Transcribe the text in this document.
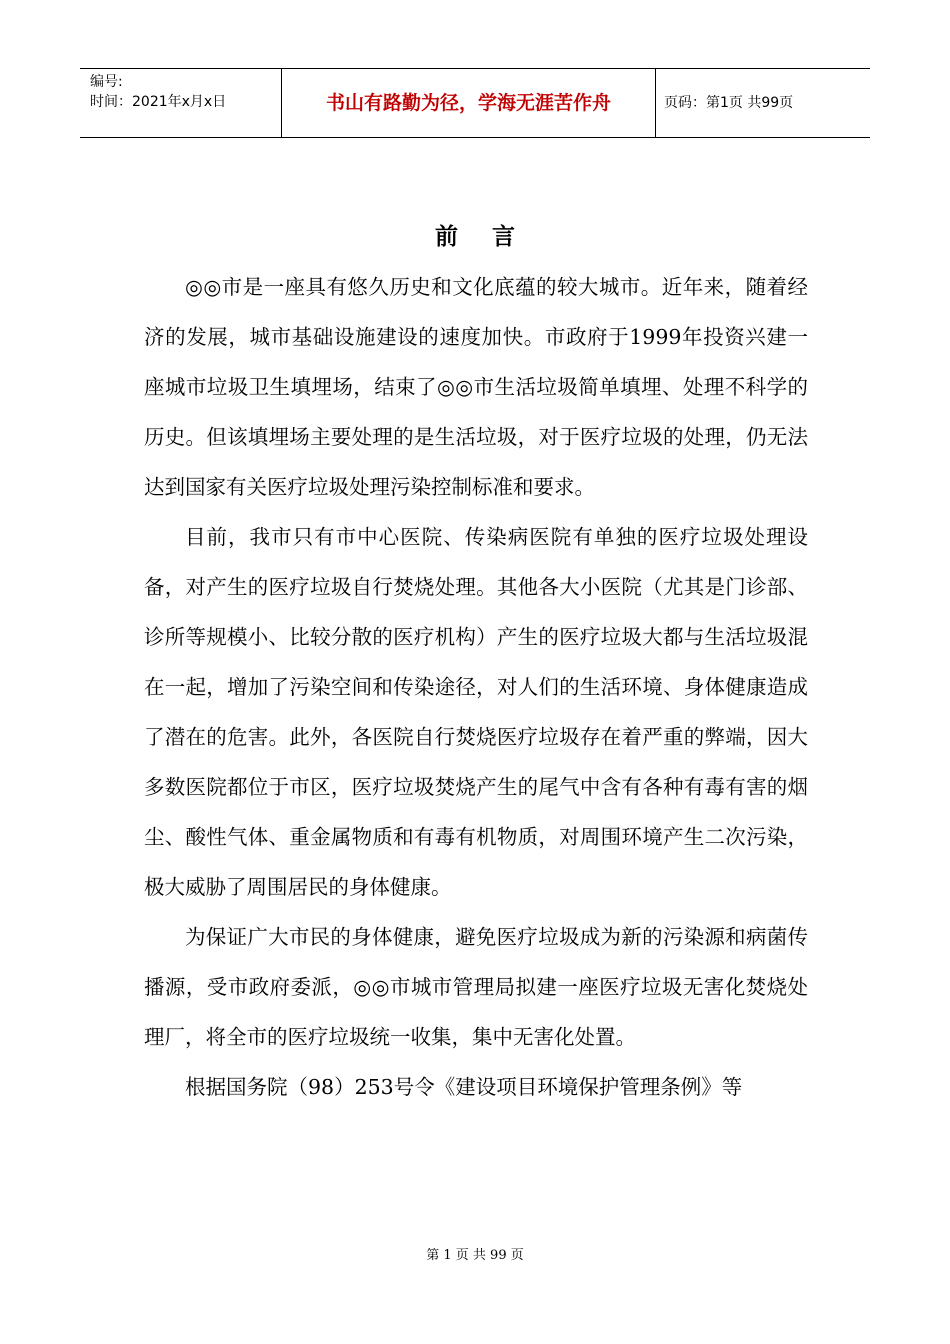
编号:
时间：2021年x月x日	书山有路勤为径，学海无涯苦作舟	页码：第1页 共99页
前言

◎◎市是一座具有悠久历史和文化底蕴的较大城市。近年来，随着经济的发展，城市基础设施建设的速度加快。市政府于1999年投资兴建一座城市垃圾卫生填埋场，结束了◎◎市生活垃圾简单填埋、处理不科学的历史。但该填埋场主要处理的是生活垃圾，对于医疗垃圾的处理，仍无法达到国家有关医疗垃圾处理污染控制标准和要求。

目前，我市只有市中心医院、传染病医院有单独的医疗垃圾处理设备，对产生的医疗垃圾自行焚烧处理。其他各大小医院（尤其是门诊部、诊所等规模小、比较分散的医疗机构）产生的医疗垃圾大都与生活垃圾混在一起，增加了污染空间和传染途径，对人们的生活环境、身体健康造成了潜在的危害。此外，各医院自行焚烧医疗垃圾存在着严重的弊端，因大多数医院都位于市区，医疗垃圾焚烧产生的尾气中含有各种有毒有害的烟尘、酸性气体、重金属物质和有毒有机物质，对周围环境产生二次污染，极大威胁了周围居民的身体健康。

为保证广大市民的身体健康，避免医疗垃圾成为新的污染源和病菌传播源，受市政府委派，◎◎市城市管理局拟建一座医疗垃圾无害化焚烧处理厂，将全市的医疗垃圾统一收集，集中无害化处置。

根据国务院（98）253号令《建设项目环境保护管理条例》等

第 1 页 共 99 页
